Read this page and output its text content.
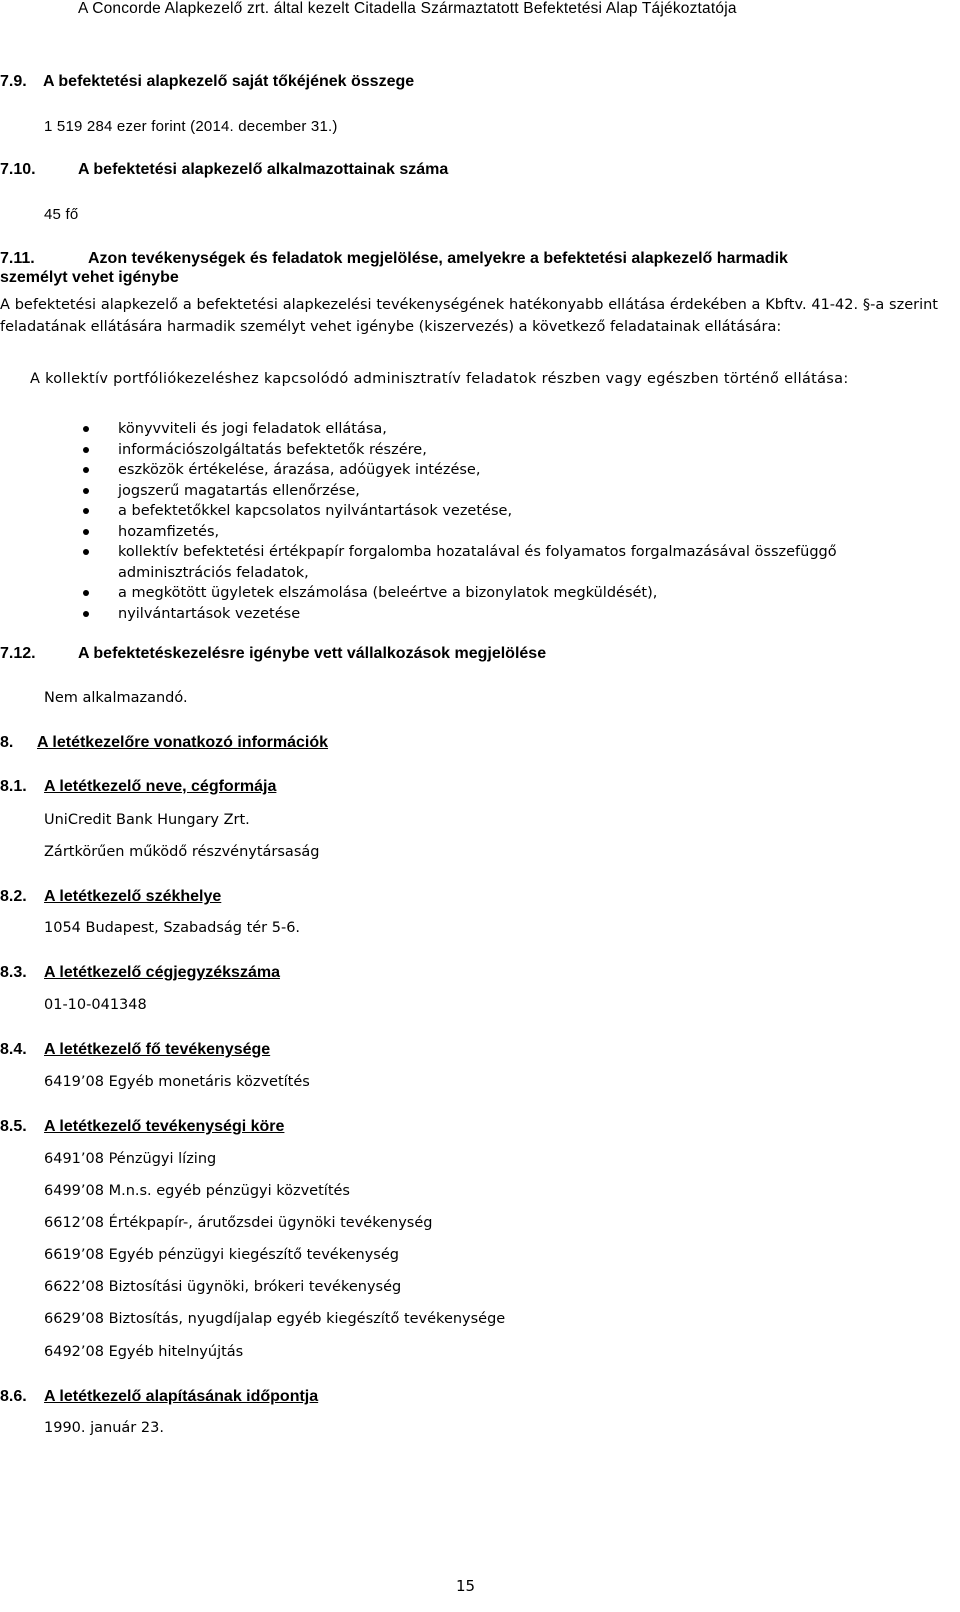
A Concorde Alapkezelő zrt. által kezelt Citadella Származtatott Befektetési Alap Tájékoztatója
7.9. A befektetési alapkezelő saját tőkéjének összege
1 519 284 ezer forint (2014. december 31.)
7.10.	A befektetési alapkezelő alkalmazottainak száma
45 fő
7.11.	Azon tevékenységek és feladatok megjelölése, amelyekre a befektetési alapkezelő harmadik
személyt vehet igénybe
A befektetési alapkezelő a befektetési alapkezelési tevékenységének hatékonyabb ellátása érdekében a Kbftv. 41-42. §-a szerint feladatának ellátására harmadik személyt vehet igénybe (kiszervezés) a következő feladatainak ellátására:
A kollektív portfóliókezeléshez kapcsolódó adminisztratív feladatok részben vagy egészben történő ellátása:
könyvviteli és jogi feladatok ellátása,
információszolgáltatás befektetők részére,
eszközök értékelése, árazása, adóügyek intézése,
jogszerű magatartás ellenőrzése,
a befektetőkkel kapcsolatos nyilvántartások vezetése,
hozamfizetés,
kollektív befektetési értékpapír forgalomba hozatalával és folyamatos forgalmazásával összefüggő adminisztrációs feladatok,
a megkötött ügyletek elszámolása (beleértve a bizonylatok megküldését),
nyilvántartások vezetése
7.12.	A befektetéskezelésre igénybe vett vállalkozások megjelölése
Nem alkalmazandó.
8. A letétkezelőre vonatkozó információk
8.1. A letétkezelő neve, cégformája
UniCredit Bank Hungary Zrt.
Zártkörűen működő részvénytársaság
8.2. A letétkezelő székhelye
1054 Budapest, Szabadság tér 5-6.
8.3. A letétkezelő cégjegyzékszáma
01-10-041348
8.4. A letétkezelő fő tevékenysége
6419’08 Egyéb monetáris közvetítés
8.5. A letétkezelő tevékenységi köre
6491’08 Pénzügyi lízing
6499’08 M.n.s. egyéb pénzügyi közvetítés
6612’08 Értékpapír-, árutőzsdei ügynöki tevékenység
6619’08 Egyéb pénzügyi kiegészítő tevékenység
6622’08 Biztosítási ügynöki, brókeri tevékenység
6629’08 Biztosítás, nyugdíjalap egyéb kiegészítő tevékenysége
6492’08 Egyéb hitelnyújtás
8.6. A letétkezelő alapításának időpontja
1990. január 23.
15
